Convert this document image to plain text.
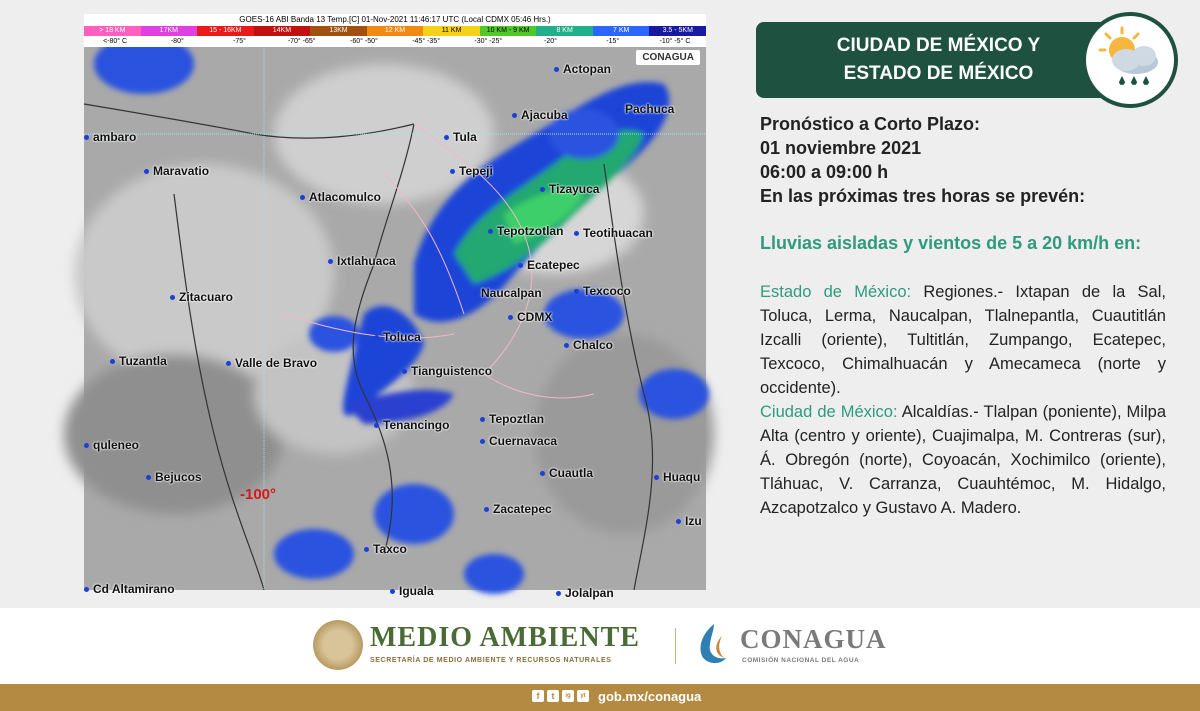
GOES-16 ABI Banda 13 Temp.[C] 01-Nov-2021 11:46:17 UTC (Local CDMX 05:46 Hrs.)
> 18 KM	17KM	15 - 16KM	14KM	13KM	12 KM	11 KM	10 KM - 9 KM	8 KM	7 KM	3.5 - 5KM
<-80° C	-80°	-75°	-70° -65°	-60° -50°	-45° -35°	-30° -25°	-20°	-15°	-10° -5° C
CONAGUA
-100°
Actopan
Pachuca
Ajacuba
Tula
ambaro
Maravatio	Tepeji
Atlacomulco
Tizayuca
Tepotzotlan	Teotihuacan
Ecatepec
Ixtlahuaca
Naucalpan	Texcoco
Zitacuaro
CDMX
Toluca
Chalco
Tuzantla	Valle de Bravo
Tianguistenco
Tenancingo	Tepoztlan
Cuernavaca
quleneo
Bejucos	Cuautla	Huaqu
Zacatepec
Izu
Taxco
Cd Altamirano	Iguala	Jolalpan
CIUDAD DE MÉXICO Y
ESTADO DE MÉXICO
Pronóstico a Corto Plazo:
01 noviembre 2021
06:00 a 09:00 h
En las próximas tres horas se prevén:
Lluvias aisladas y vientos de 5 a 20 km/h en:
Estado de México: Regiones.- Ixtapan de la Sal, Toluca, Lerma, Naucalpan, Tlalnepantla, Cuautitlán Izcalli (oriente), Tultitlán, Zumpango, Ecatepec, Texcoco, Chimalhuacán y Amecameca (norte y occidente).
Ciudad de México: Alcaldías.- Tlalpan (poniente), Milpa Alta (centro y oriente), Cuajimalpa, M. Contreras (sur), Á. Obregón (norte), Coyoacán, Xochimilco (oriente), Tláhuac, V. Carranza, Cuauhtémoc, M. Hidalgo, Azcapotzalco y Gustavo A. Madero.
MEDIO AMBIENTE
SECRETARÍA DE MEDIO AMBIENTE Y RECURSOS NATURALES
CONAGUA
COMISIÓN NACIONAL DEL AGUA
f	t	ig	yt gob.mx/conagua
